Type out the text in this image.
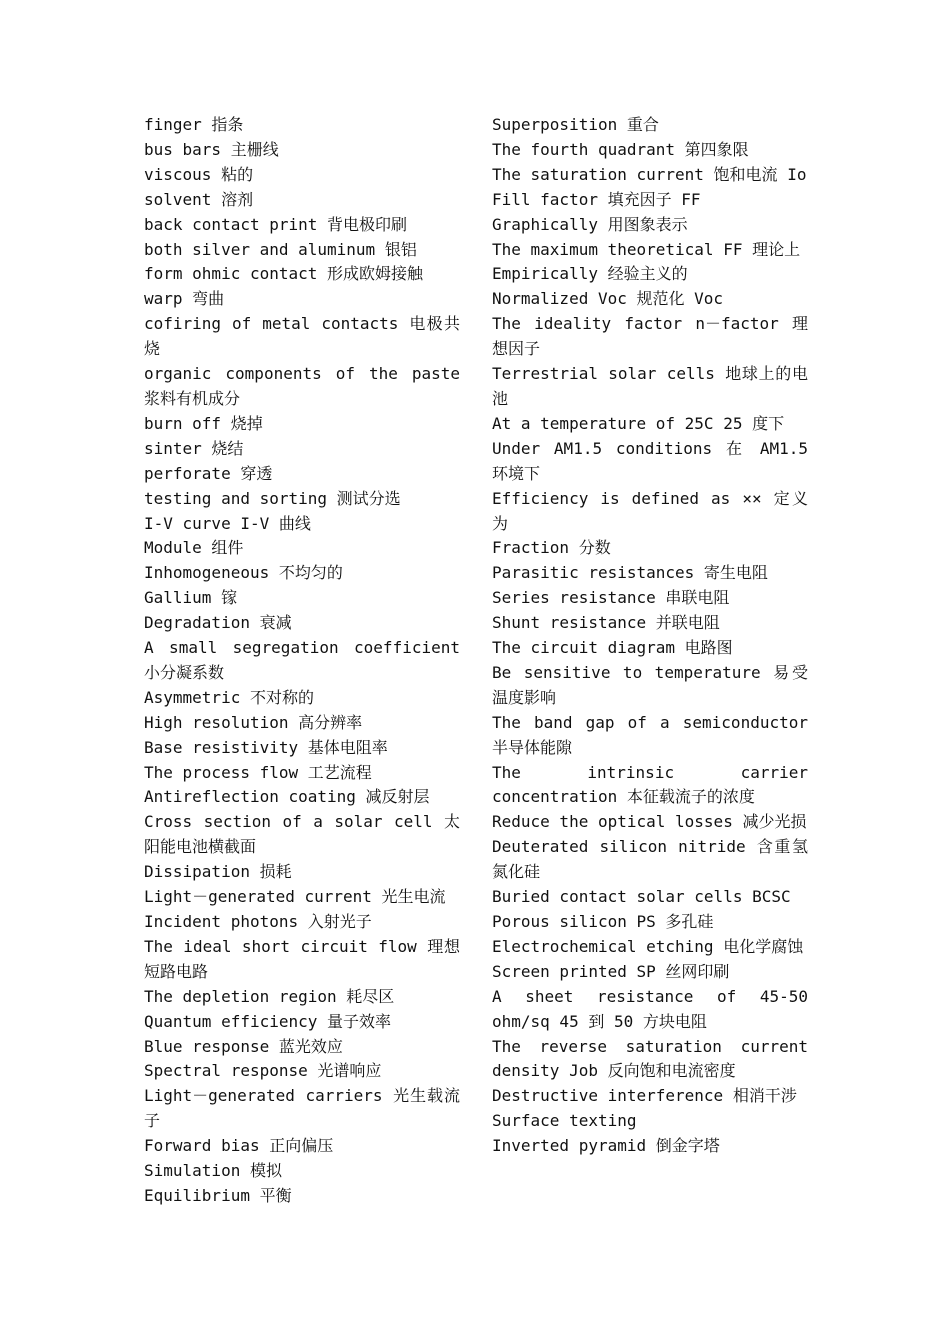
finger 指条

bus bars 主栅线

viscous 粘的

solvent 溶剂

back contact print 背电极印刷

both silver and aluminum 银铝

form ohmic contact 形成欧姆接触

warp 弯曲

cofiring of metal contacts 电极共烧

organic components of the paste 浆料有机成分

burn off 烧掉

sinter 烧结

perforate 穿透

testing and sorting 测试分选

I-V curve I-V 曲线

Module 组件

Inhomogeneous 不均匀的

Gallium 镓

Degradation 衰减

A small segregation coefficient 小分凝系数

Asymmetric 不对称的

High resolution 高分辨率

Base resistivity 基体电阻率

The process flow 工艺流程

Antireflection coating 减反射层

Cross section of a solar cell 太阳能电池横截面

Dissipation 损耗

Light－generated current 光生电流

Incident photons 入射光子

The ideal short circuit flow 理想短路电路

The depletion region 耗尽区

Quantum efficiency 量子效率

Blue response 蓝光效应

Spectral response 光谱响应

Light－generated carriers 光生载流子

Forward bias 正向偏压

Simulation 模拟

Equilibrium 平衡

Superposition 重合

The fourth quadrant 第四象限

The saturation current 饱和电流 Io

Fill factor 填充因子 FF

Graphically 用图象表示

The maximum theoretical FF 理论上

Empirically 经验主义的

Normalized Voc 规范化 Voc

The ideality factor n－factor 理想因子

Terrestrial solar cells 地球上的电池

At a temperature of 25C 25 度下

Under AM1.5 conditions 在 AM1.5 环境下

Efficiency is defined as ×× 定义为

Fraction 分数

Parasitic resistances 寄生电阻

Series resistance 串联电阻

Shunt resistance 并联电阻

The circuit diagram 电路图

Be sensitive to temperature 易受温度影响

The band gap of a semiconductor 半导体能隙

The intrinsic carrier concentration 本征载流子的浓度

Reduce the optical losses 减少光损

Deuterated silicon nitride 含重氢氮化硅

Buried contact solar cells BCSC

Porous silicon PS 多孔硅

Electrochemical etching 电化学腐蚀

Screen printed SP 丝网印刷

A sheet resistance of 45-50 ohm/sq 45 到 50 方块电阻

The reverse saturation current density Job 反向饱和电流密度

Destructive interference 相消干涉

Surface texting

Inverted pyramid 倒金字塔
